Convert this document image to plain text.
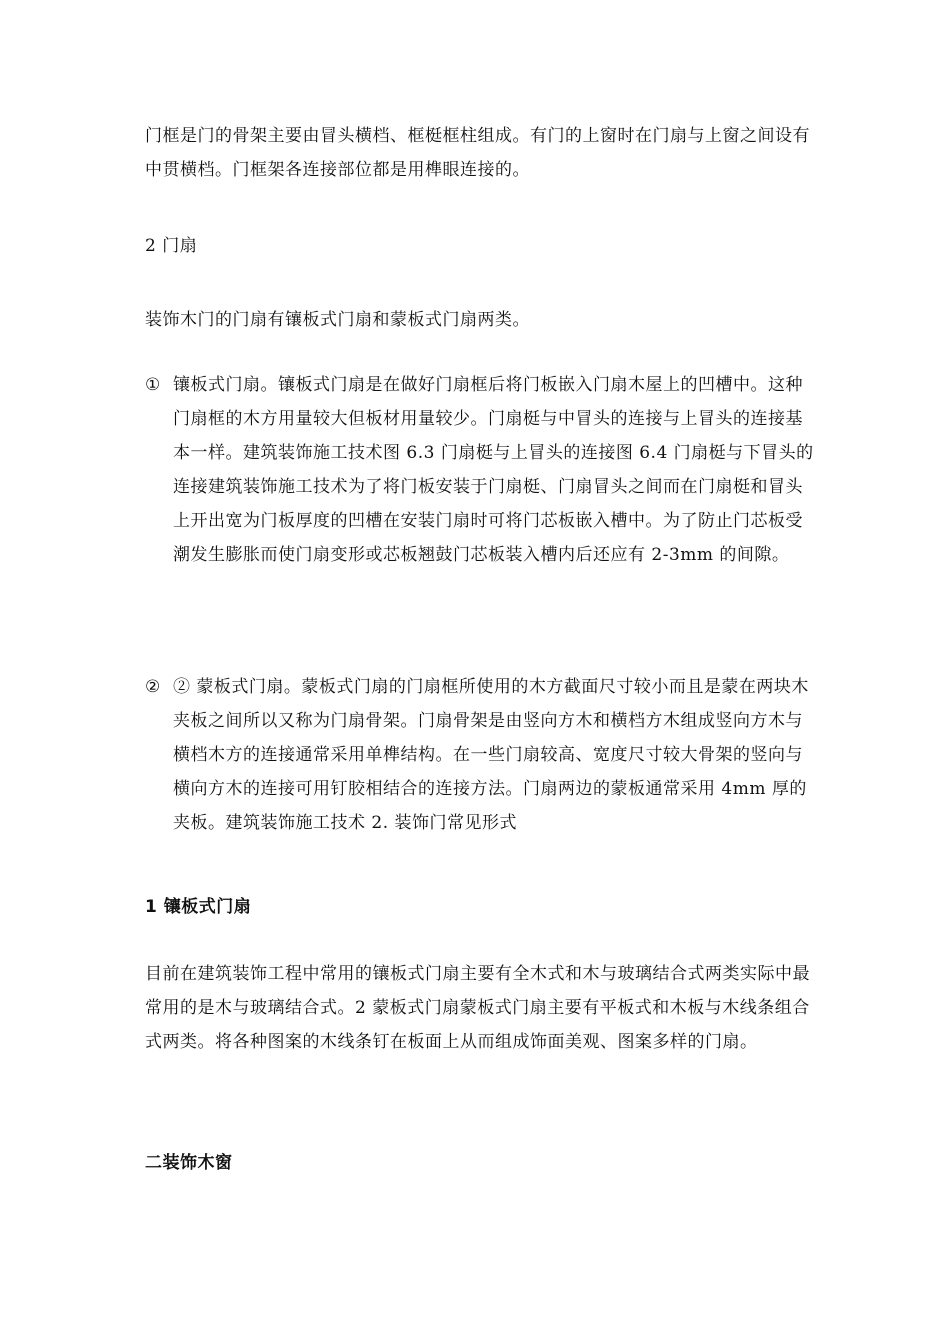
门框是门的骨架主要由冒头横档、框梃框柱组成。有门的上窗时在门扇与上窗之间设有中贯横档。门框架各连接部位都是用榫眼连接的。

2 门扇

装饰木门的门扇有镶板式门扇和蒙板式门扇两类。

① 镶板式门扇。镶板式门扇是在做好门扇框后将门板嵌入门扇木屋上的凹槽中。这种门扇框的木方用量较大但板材用量较少。门扇梃与中冒头的连接与上冒头的连接基本一样。建筑装饰施工技术图 6.3 门扇梃与上冒头的连接图 6.4 门扇梃与下冒头的连接建筑装饰施工技术为了将门板安装于门扇梃、门扇冒头之间而在门扇梃和冒头上开出宽为门板厚度的凹槽在安装门扇时可将门芯板嵌入槽中。为了防止门芯板受潮发生膨胀而使门扇变形或芯板翘鼓门芯板装入槽内后还应有 2-3mm 的间隙。
② ② 蒙板式门扇。蒙板式门扇的门扇框所使用的木方截面尺寸较小而且是蒙在两块木夹板之间所以又称为门扇骨架。门扇骨架是由竖向方木和横档方木组成竖向方木与横档木方的连接通常采用单榫结构。在一些门扇较高、宽度尺寸较大骨架的竖向与横向方木的连接可用钉胶相结合的连接方法。门扇两边的蒙板通常采用 4mm 厚的夹板。建筑装饰施工技术 2. 装饰门常见形式

1 镶板式门扇

目前在建筑装饰工程中常用的镶板式门扇主要有全木式和木与玻璃结合式两类实际中最常用的是木与玻璃结合式。2 蒙板式门扇蒙板式门扇主要有平板式和木板与木线条组合式两类。将各种图案的木线条钉在板面上从而组成饰面美观、图案多样的门扇。

二装饰木窗
